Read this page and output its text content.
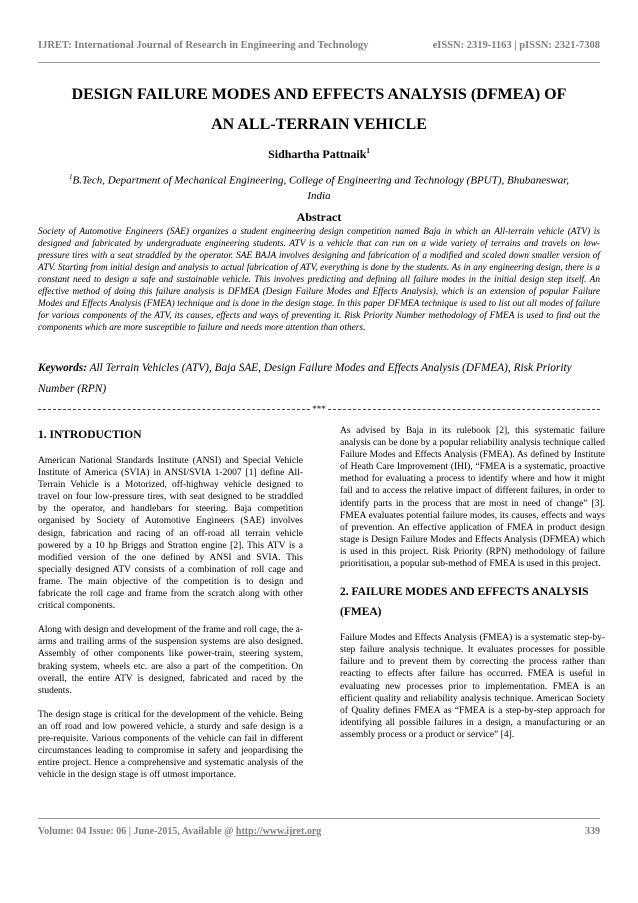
IJRET: International Journal of Research in Engineering and Technology	eISSN: 2319-1163 | pISSN: 2321-7308
DESIGN FAILURE MODES AND EFFECTS ANALYSIS (DFMEA) OF
AN ALL-TERRAIN VEHICLE
Sidhartha Pattnaik$^1$
$^1$B.Tech, Department of Mechanical Engineering, College of Engineering and Technology (BPUT), Bhubaneswar, India
Abstract

Society of Automotive Engineers (SAE) organizes a student engineering design competition named Baja in which an All-terrain vehicle (ATV) is designed and fabricated by undergraduate engineering students. ATV is a vehicle that can run on a wide variety of terrains and travels on low-pressure tires with a seat straddled by the operator. SAE BAJA involves designing and fabrication of a modified and scaled down smaller version of ATV. Starting from initial design and analysis to actual fabrication of ATV, everything is done by the students. As in any engineering design, there is a constant need to design a safe and sustainable vehicle. This involves predicting and defining all failure modes in the initial design step itself. An effective method of doing this failure analysis is DFMEA (Design Failure Modes and Effects Analysis), which is an extension of popular Failure Modes and Effects Analysis (FMEA) technique and is done in the design stage. In this paper DFMEA technique is used to list out all modes of failure for various components of the ATV, its causes, effects and ways of preventing it. Risk Priority Number methodology of FMEA is used to find out the components which are more susceptible to failure and needs more attention than others.

Keywords: All Terrain Vehicles (ATV), Baja SAE, Design Failure Modes and Effects Analysis (DFMEA), Risk Priority Number (RPN)
***
1. INTRODUCTION

American National Standards Institute (ANSI) and Special Vehicle Institute of America (SVIA) in ANSI/SVIA 1-2007 [1] define All-Terrain Vehicle is a Motorized, off-highway vehicle designed to travel on four low-pressure tires, with seat designed to be straddled by the operator, and handlebars for steering. Baja competition organised by Society of Automotive Engineers (SAE) involves design, fabrication and racing of an off-road all terrain vehicle powered by a 10 hp Briggs and Stratton engine [2]. This ATV is a modified version of the one defined by ANSI and SVIA. This specially designed ATV consists of a combination of roll cage and frame. The main objective of the competition is to design and fabricate the roll cage and frame from the scratch along with other critical components.

Along with design and development of the frame and roll cage, the a-arms and trailing arms of the suspension systems are also designed. Assembly of other components like power-train, steering system, braking system, wheels etc. are also a part of the competition. On overall, the entire ATV is designed, fabricated and raced by the students.

The design stage is critical for the development of the vehicle. Being an off road and low powered vehicle, a sturdy and safe design is a pre-requisite. Various components of the vehicle can fail in different circumstances leading to compromise in safety and jeopardising the entire project. Hence a comprehensive and systematic analysis of the vehicle in the design stage is off utmost importance.

As advised by Baja in its rulebook [2], this systematic failure analysis can be done by a popular reliability analysis technique called Failure Modes and Effects Analysis (FMEA). As defined by Institute of Heath Care Improvement (IHI), “FMEA is a systematic, proactive method for evaluating a process to identify where and how it might fail and to access the relative impact of different failures, in order to identify parts in the process that are most in need of change” [3]. FMEA evaluates potential failure modes, its causes, effects and ways of prevention. An effective application of FMEA in product design stage is Design Failure Modes and Effects Analysis (DFMEA) which is used in this project. Risk Priority (RPN) methodology of failure prioritisation, a popular sub-method of FMEA is used in this project.

2. FAILURE MODES AND EFFECTS ANALYSIS (FMEA)

Failure Modes and Effects Analysis (FMEA) is a systematic step-by-step failure analysis technique. It evaluates processes for possible failure and to prevent them by correcting the process rather than reacting to effects after failure has occurred. FMEA is useful in evaluating new processes prior to implementation. FMEA is an efficient quality and reliability analysis technique. American Society of Quality defines FMEA as “FMEA is a step-by-step approach for identifying all possible failures in a design, a manufacturing or an assembly process or a product or service” [4].

Volume: 04 Issue: 06 | June-2015, Available @ http://www.ijret.org	339
